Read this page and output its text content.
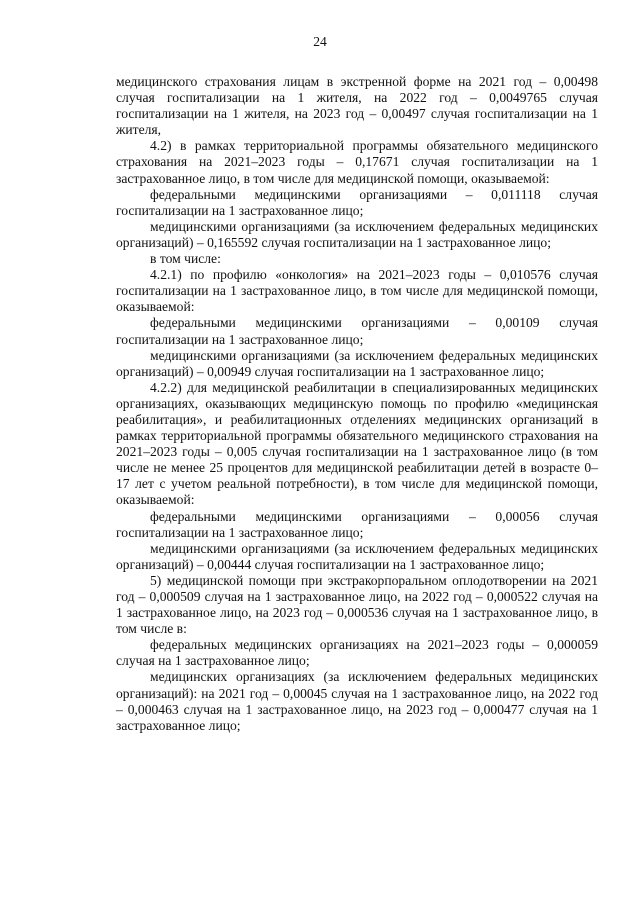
24

медицинского страхования лицам в экстренной форме на 2021 год – 0,00498 случая госпитализации на 1 жителя, на 2022 год – 0,0049765 случая госпитализации на 1 жителя, на 2023 год – 0,00497 случая госпитализации на 1 жителя,

4.2) в рамках территориальной программы обязательного медицинского страхования на 2021–2023 годы – 0,17671 случая госпитализации на 1 застрахованное лицо, в том числе для медицинской помощи, оказываемой:

федеральными медицинскими организациями – 0,011118 случая госпитализации на 1 застрахованное лицо;

медицинскими организациями (за исключением федеральных медицинских организаций) – 0,165592 случая госпитализации на 1 застрахованное лицо;

в том числе:

4.2.1) по профилю «онкология» на 2021–2023 годы – 0,010576 случая госпитализации на 1 застрахованное лицо, в том числе для медицинской помощи, оказываемой:

федеральными медицинскими организациями – 0,00109 случая госпитализации на 1 застрахованное лицо;

медицинскими организациями (за исключением федеральных медицинских организаций) – 0,00949 случая госпитализации на 1 застрахованное лицо;

4.2.2) для медицинской реабилитации в специализированных медицинских организациях, оказывающих медицинскую помощь по профилю «медицинская реабилитация», и реабилитационных отделениях медицинских организаций в рамках территориальной программы обязательного медицинского страхования на 2021–2023 годы – 0,005 случая госпитализации на 1 застрахованное лицо (в том числе не менее 25 процентов для медицинской реабилитации детей в возрасте 0–17 лет с учетом реальной потребности), в том числе для медицинской помощи, оказываемой:

федеральными медицинскими организациями – 0,00056 случая госпитализации на 1 застрахованное лицо;

медицинскими организациями (за исключением федеральных медицинских организаций) – 0,00444 случая госпитализации на 1 застрахованное лицо;

5) медицинской помощи при экстракорпоральном оплодотворении на 2021 год – 0,000509 случая на 1 застрахованное лицо, на 2022 год – 0,000522 случая на 1 застрахованное лицо, на 2023 год – 0,000536 случая на 1 застрахованное лицо, в том числе в:

федеральных медицинских организациях на 2021–2023 годы – 0,000059 случая на 1 застрахованное лицо;

медицинских организациях (за исключением федеральных медицинских организаций): на 2021 год – 0,00045 случая на 1 застрахованное лицо, на 2022 год – 0,000463 случая на 1 застрахованное лицо, на 2023 год – 0,000477 случая на 1 застрахованное лицо;
